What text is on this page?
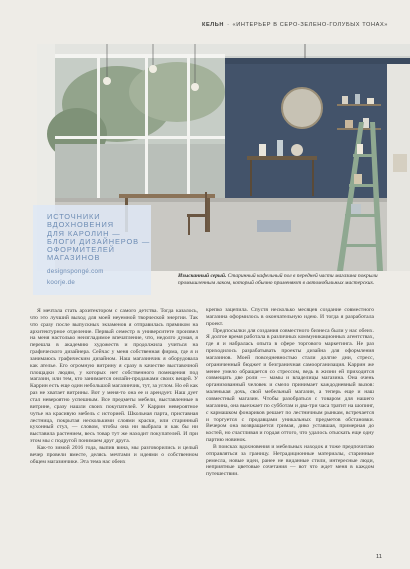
КЕЛЬН · «ИНТЕРЬЕР В СЕРО-ЗЕЛЕНО-ГОЛУБЫХ ТОНАХ»
ИСТОЧНИКИ
ВДОХНОВЕНИЯ
ДЛЯ КАРОЛИН —
БЛОГИ ДИЗАЙНЕРОВ —
ОФОРМИТЕЛЕЙ
МАГАЗИНОВ
designspongé.com
koorje.de
Изысканный серый. Старинный кафельный пол в передней части магазина покрыли промышленным лаком, который обычно применяют в автомобильных мастерских.

Я мечтала стать архитектором с самого детства. Тогда казалось, что это лучший выход для моей неуемной творческой энергии. Так что сразу после выпускных экзаменов я отправилась прямиком на архитектурное отделение. Первый семестр в университете произвел на меня настолько неизгладимое впечатление, что, недолго думая, я перешла в академию художеств и продолжила учиться на графического дизайнера. Сейчас у меня собственная фирма, где я и занимаюсь графическим дизайном. Наш магазинчик я оборудовала как ателье. Его огромную витрину я сразу в качестве выставочной площадки людям, у которых нет собственного помещения под магазин, или тем, кто занимается онлайн-продажами своих вещей. У Каррин есть еще один небольшой магазинчик, тут, за углом. Но ей как раз не хватает витрины. Вот у меня-то она ее и арендует. Наш дует стал невероятно успешным. Все предметы мебели, выставленные в витрине, сразу нашли своих покупателей. У Каррин невероятное чутье на красивую мебель с историей. Школьная парта, приставная лестница, покрытая несколькими слоями краски, или старинный кухонный стул, — словом, чтобы она ни выбрала и как бы ни выставила растением, весь товар тут же находит покупателей. И при этом мы с подругой понимаем друг друга.

Как-то зимой 2016 года, выпив вина, мы разговорились и целый вечер провели вместе, делясь мечтами и идеями о собственном общем магазинчике. Эта тема нас обеих

крепко зацепила. Спустя несколько месяцев создание совместного магазина оформилось в окончательную идею. И тогда я разработала проект.

Предпосылки для создания совместного бизнеса были у нас обеих. Я долгое время работала в различных коммуникационных агентствах, где я и набралась опыта в сфере торгового маркетинга. Не раз приходилось разрабатывать проекты дизайна для оформления магазинов. Моей повседневностью стали долгие дни, стресс, ограниченный бюджет и безграничная самоорганизация. Каррин же менее умело обращается со стрессом, ведь в жизни ей приходится совмещать две роли — мамы и владелицы магазина. Она очень организованный человек и смело принимает каждодневный вызов: маленькая дочь, свой мебельный магазин, а теперь еще и наш совместный магазин. Чтобы разобраться с товаром для нашего магазина, она выезжает по субботам и два-три часа тратит на шопинг, с кармашком фонариков решает по лестничным рынкам, встречается и торгуется с продавцами уникальных предметов обстановки. Вечером она возвращается гримая, дико уставшая, примерная до костей, но счастливая и гордая оттого, что удалось отыскать еще одну партию новинок.

В поисках вдохновения и мебельных находок я тоже предпочитаю отправляться за границу. Нетрадиционные материалы, старинные ремесла, новые идеи, ранее не виданные стили, интересные люди, неприятные цветовые сочетания — вот что ждет меня в каждом путешествии.

11
